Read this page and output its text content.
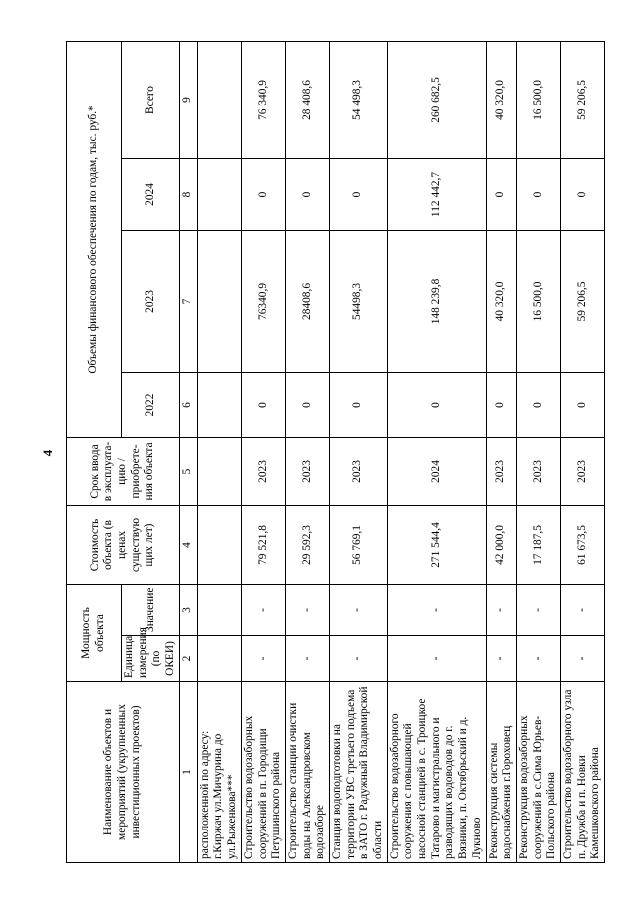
4
Наименование объектов и мероприятий (укрупненных инвестиционных проектов)	Мощность объекта		Стоимость объекта (в ценах существую щих лет)	Срок ввода в эксплуата-цию / приобрете-ния объекта	Объемы финансового обеспечения по годам, тыс. руб.*			
	Единица измерения (по ОКЕИ)	Значение			2022	2023	2024	Всего
1	2	3	4	5	6	7	8	9
расположенной по адресу: г.Киржач ул.Мичурина до ул.Рыженкова***								
Строительство водозаборных сооружений в п. Городищи Петушинского района	-	-	79 521,8	2023	0	76340,9	0	76 340,9
Строительство станции очистки воды на Александровском водозаборе	-	-	29 592,3	2023	0	28408,6	0	28 408,6
Станция водоподготовки на территории УВС третьего подъема в ЗАТО г. Радужный Владимирской области	-	-	56 769,1	2023	0	54498,3	0	54 498,3
Строительство водозаборного сооружения с повышающей насосной станцией в с. Троицкое Татарово и магистрального и разводящих водоводов до г. Вязники, п. Октябрьский и д. Лукново	-	-	271 544,4	2024	0	148 239,8	112 442,7	260 682,5
Реконструкция системы водоснабжения г.Гороховец	-	-	42 000,0	2023	0	40 320,0	0	40 320,0
Реконструкция водозаборных сооружений в с.Сима Юрьев-Польского района	-	-	17 187,5	2023	0	16 500,0	0	16 500,0
Строительство водозаборного узла п. Дружба и п. Новки Камешковского района	-	-	61 673,5	2023	0	59 206,5	0	59 206,5
